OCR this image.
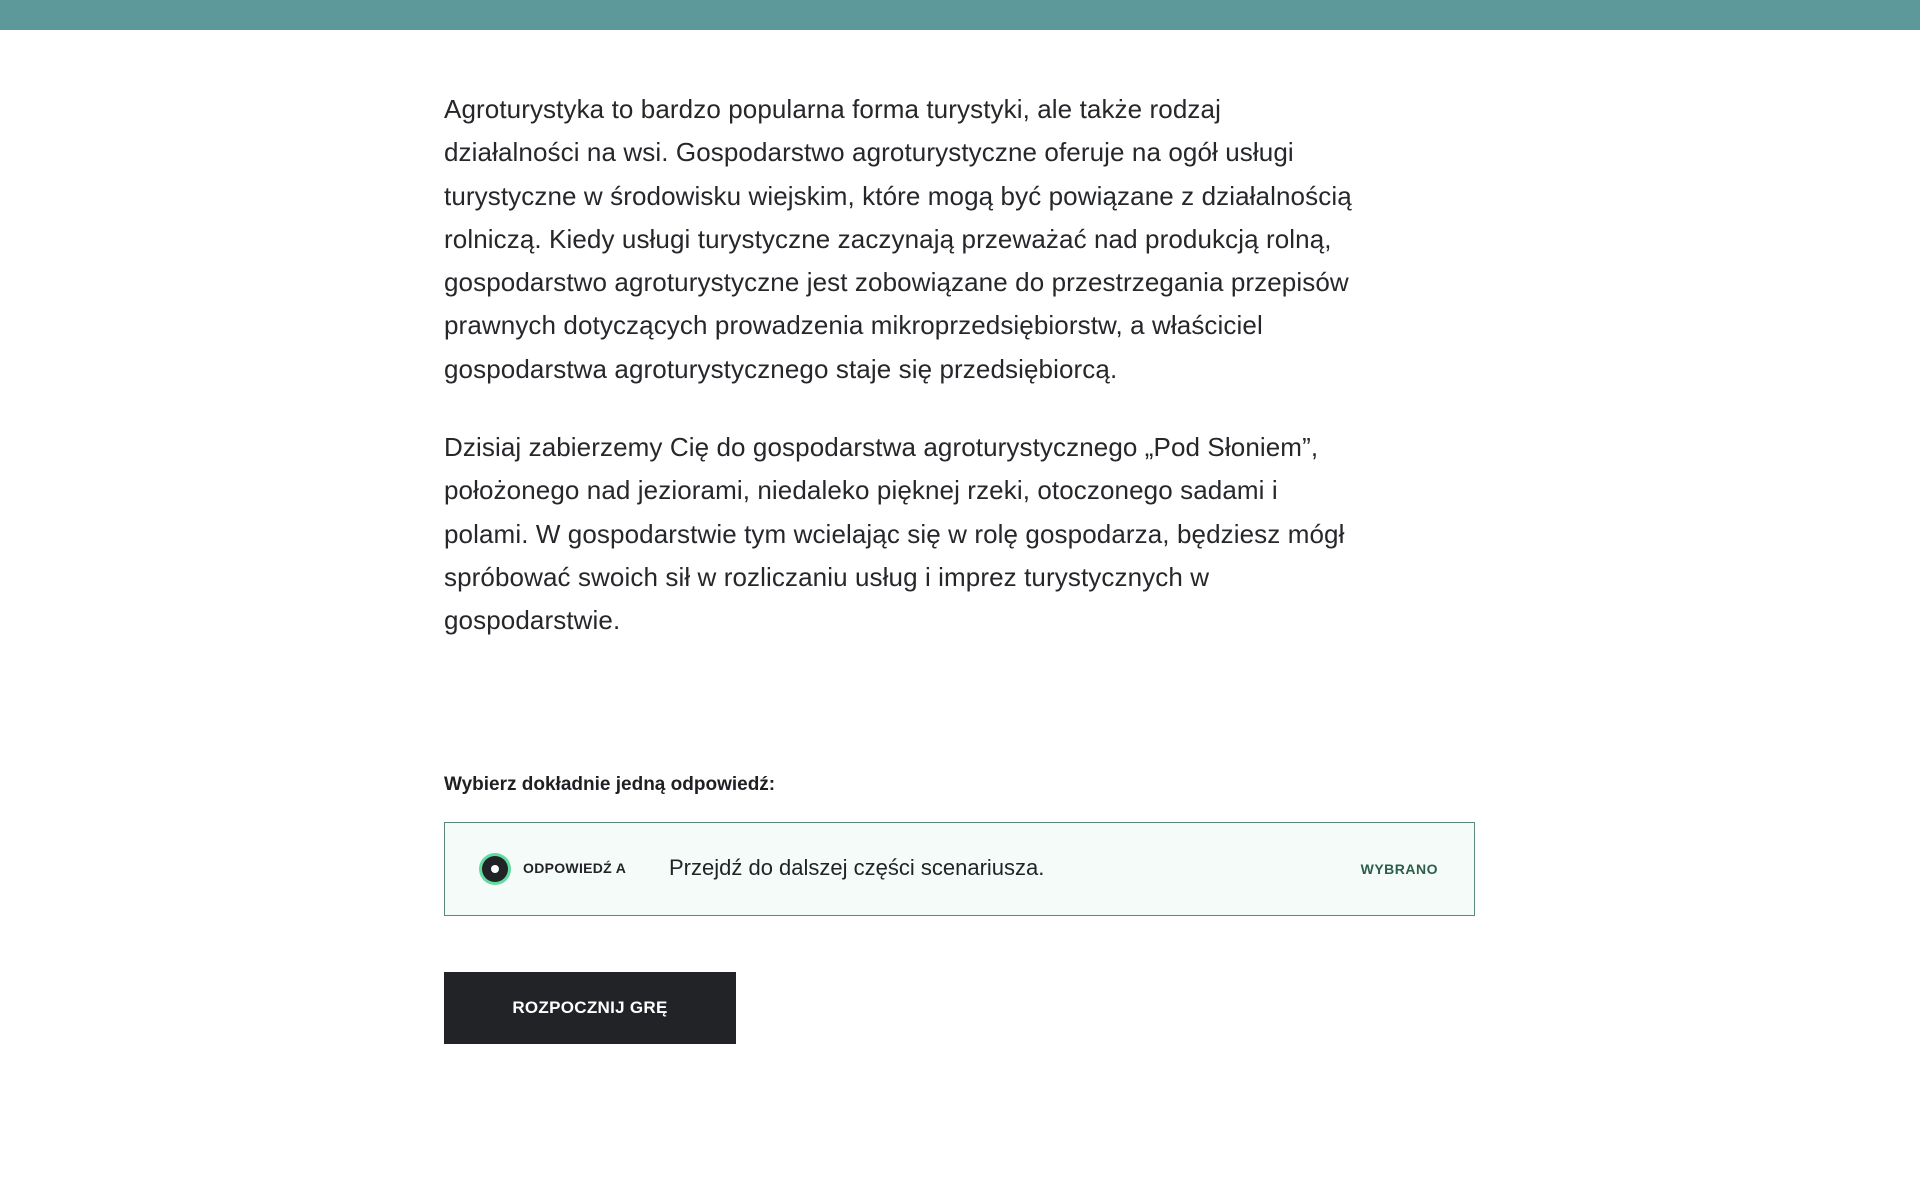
Agroturystyka to bardzo popularna forma turystyki, ale także rodzaj działalności na wsi. Gospodarstwo agroturystyczne oferuje na ogół usługi turystyczne w środowisku wiejskim, które mogą być powiązane z działalnością rolniczą. Kiedy usługi turystyczne zaczynają przeważać nad produkcją rolną, gospodarstwo agroturystyczne jest zobowiązane do przestrzegania przepisów prawnych dotyczących prowadzenia mikroprzedsiębiorstw, a właściciel gospodarstwa agroturystycznego staje się przedsiębiorcą.

Dzisiaj zabierzemy Cię do gospodarstwa agroturystycznego „Pod Słoniem”, położonego nad jeziorami, niedaleko pięknej rzeki, otoczonego sadami i polami. W gospodarstwie tym wcielając się w rolę gospodarza, będziesz mógł spróbować swoich sił w rozliczaniu usług i imprez turystycznych w gospodarstwie.

Wybierz dokładnie jedną odpowiedź:
ODPOWIEDŹ A Przejdź do dalszej części scenariusza.	WYBRANO
ROZPOCZNIJ GRĘ
